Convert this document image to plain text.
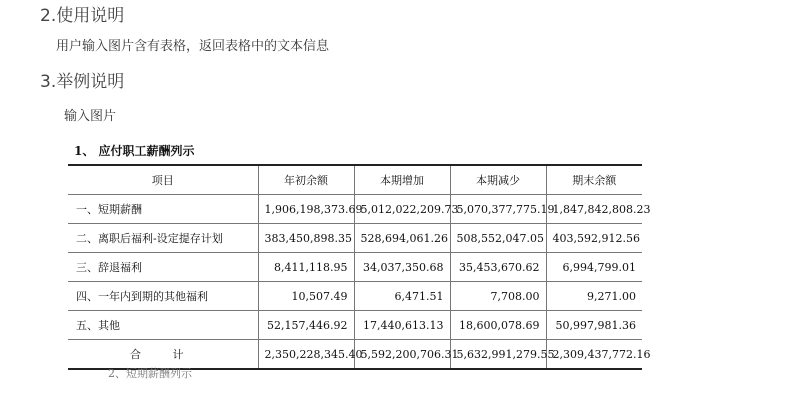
2.使用说明
用户输入图片含有表格，返回表格中的文本信息
3.举例说明
输入图片
1、 应付职工薪酬列示
项目	年初余额	本期增加	本期减少	期末余额
一、短期薪酬	1,906,198,373.69	5,012,022,209.73	5,070,377,775.19	1,847,842,808.23
二、离职后福利-设定提存计划	383,450,898.35	528,694,061.26	508,552,047.05	403,592,912.56
三、辞退福利	8,411,118.95	34,037,350.68	35,453,670.62	6,994,799.01
四、一年内到期的其他福利	10,507.49	6,471.51	7,708.00	9,271.00
五、其他	52,157,446.92	17,440,613.13	18,600,078.69	50,997,981.36
合 计	2,350,228,345.40	5,592,200,706.31	5,632,991,279.55	2,309,437,772.16
2、短期薪酬列示
